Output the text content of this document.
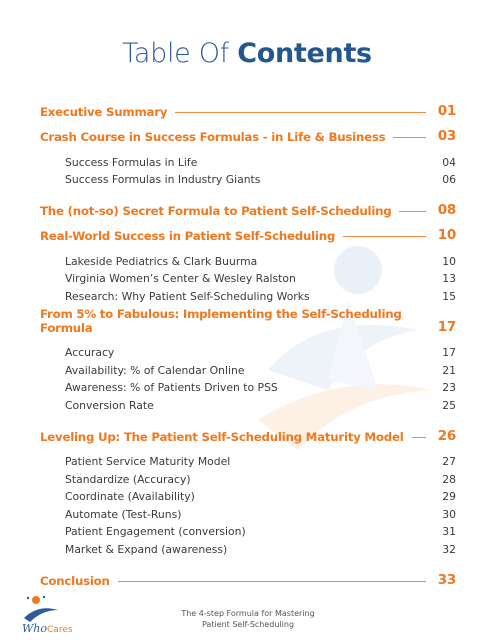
Table Of Contents
Executive Summary	01
Crash Course in Success Formulas - in Life & Business	03
Success Formulas in Life	04
Success Formulas in Industry Giants	06
The (not-so) Secret Formula to Patient Self-Scheduling	08
Real-World Success in Patient Self-Scheduling	10
Lakeside Pediatrics & Clark Buurma	10
Virginia Women’s Center & Wesley Ralston	13
Research: Why Patient Self-Scheduling Works	15
From 5% to Fabulous: Implementing the Self-Scheduling Formula	17
Accuracy	17
Availability: % of Calendar Online	21
Awareness: % of Patients Driven to PSS	23
Conversion Rate	25
Leveling Up: The Patient Self-Scheduling Maturity Model	26
Patient Service Maturity Model	27
Standardize (Accuracy)	28
Coordinate (Availability)	29
Automate (Test-Runs)	30
Patient Engagement (conversion)	31
Market & Expand (awareness)	32
Conclusion	33
WhoCares
The 4-step Formula for Mastering
Patient Self-Scheduling
